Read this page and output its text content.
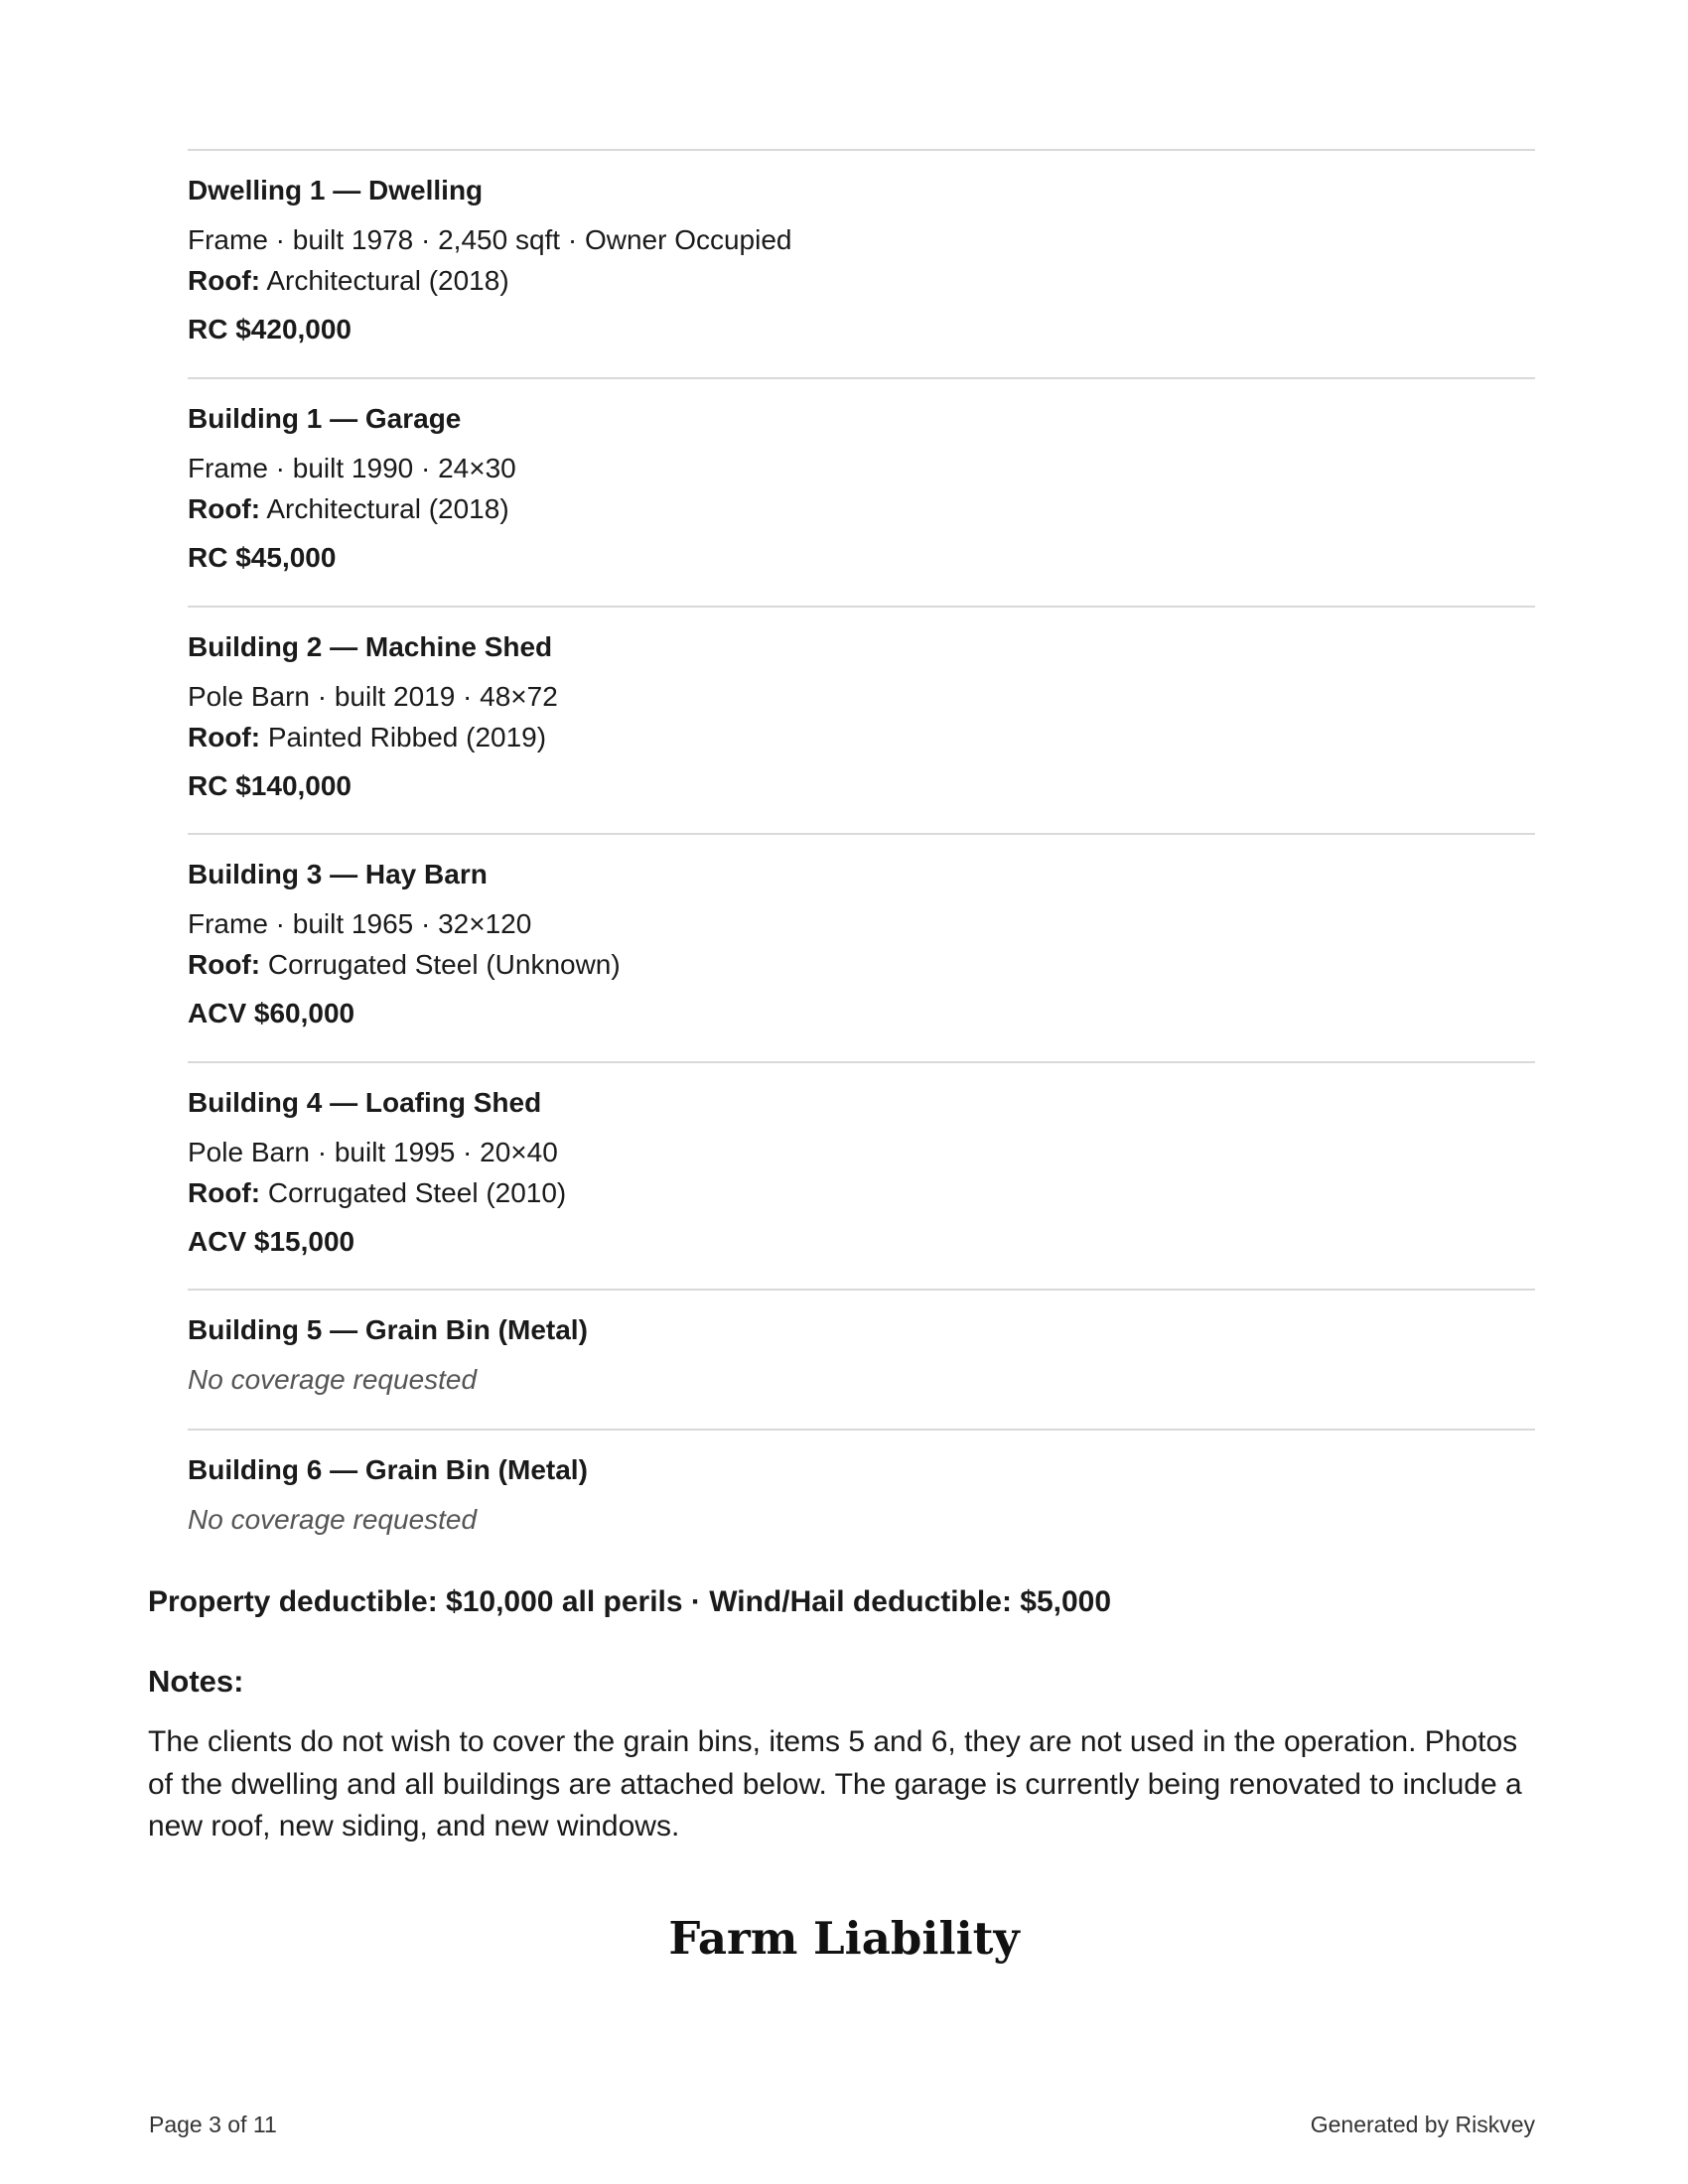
Dwelling 1 — Dwelling

Frame · built 1978 · 2,450 sqft · Owner Occupied

Roof: Architectural (2018)

RC $420,000

Building 1 — Garage

Frame · built 1990 · 24×30

Roof: Architectural (2018)

RC $45,000

Building 2 — Machine Shed

Pole Barn · built 2019 · 48×72

Roof: Painted Ribbed (2019)

RC $140,000

Building 3 — Hay Barn

Frame · built 1965 · 32×120

Roof: Corrugated Steel (Unknown)

ACV $60,000

Building 4 — Loafing Shed

Pole Barn · built 1995 · 20×40

Roof: Corrugated Steel (2010)

ACV $15,000

Building 5 — Grain Bin (Metal)

No coverage requested

Building 6 — Grain Bin (Metal)

No coverage requested

Property deductible: $10,000 all perils · Wind/Hail deductible: $5,000

Notes:

The clients do not wish to cover the grain bins, items 5 and 6, they are not used in the operation. Photos of the dwelling and all buildings are attached below. The garage is currently being renovated to include a new roof, new siding, and new windows.

Farm Liability
Page 3 of 11	Generated by Riskvey
